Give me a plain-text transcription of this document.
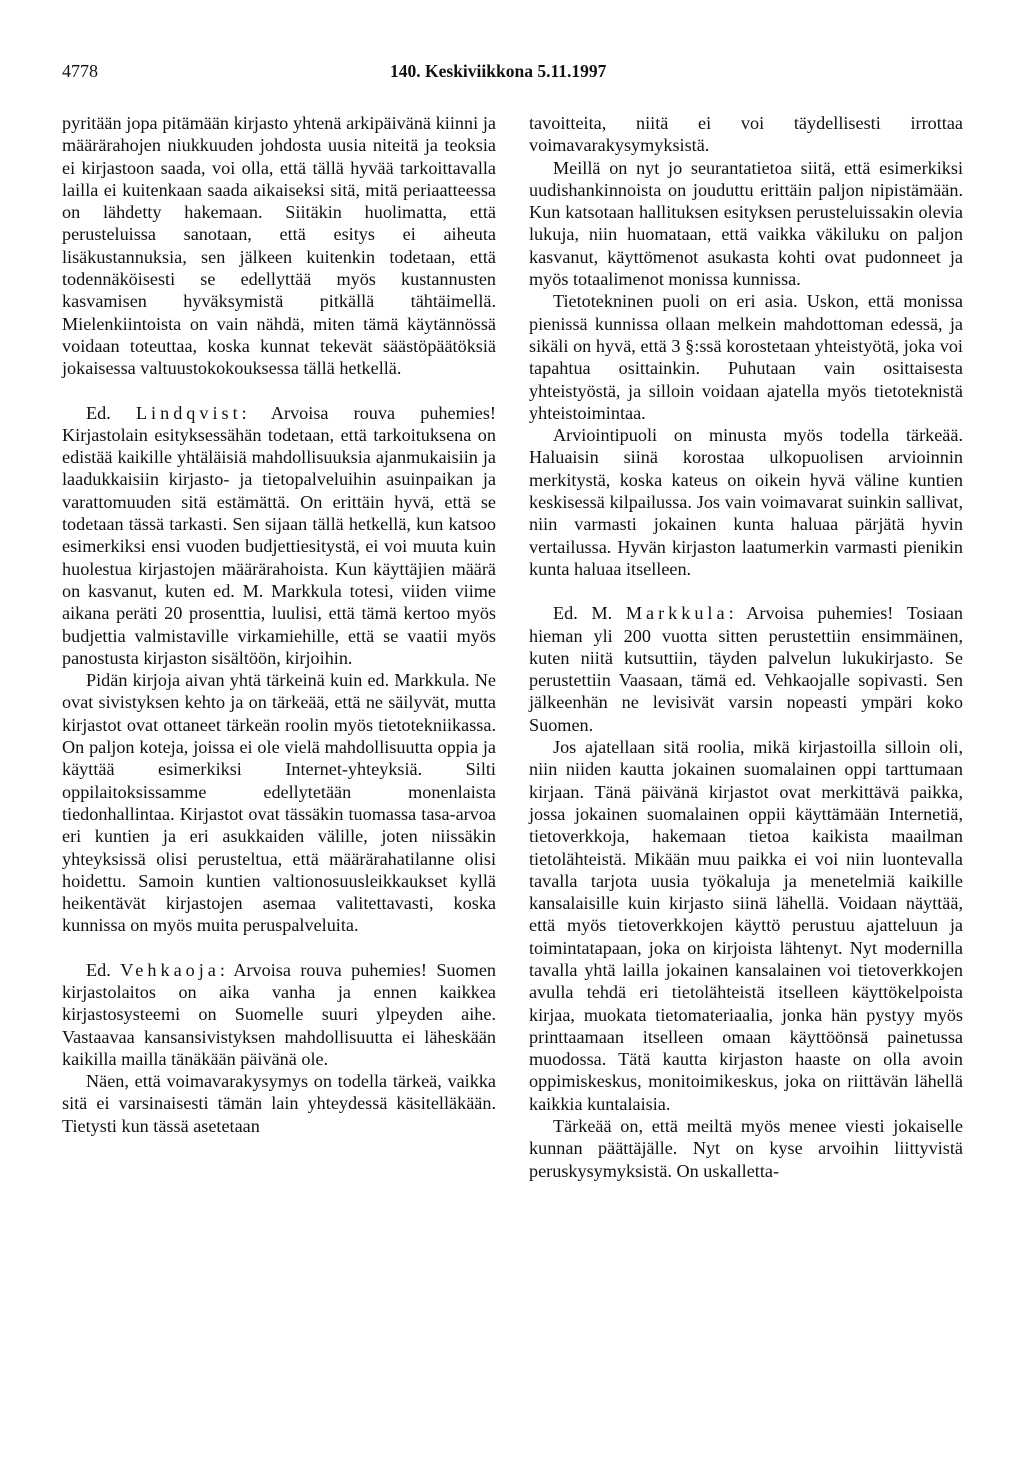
4778	140. Keskiviikkona 5.11.1997

pyritään jopa pitämään kirjasto yhtenä arkipäivänä kiinni ja määrärahojen niukkuuden johdosta uusia niteitä ja teoksia ei kirjastoon saada, voi olla, että tällä hyvää tarkoittavalla lailla ei kuitenkaan saada aikaiseksi sitä, mitä periaatteessa on lähdetty hakemaan. Siitäkin huolimatta, että perusteluissa sanotaan, että esitys ei aiheuta lisäkustannuksia, sen jälkeen kuitenkin todetaan, että todennäköisesti se edellyttää myös kustannusten kasvamisen hyväksymistä pitkällä tähtäimellä. Mielenkiintoista on vain nähdä, miten tämä käytännössä voidaan toteuttaa, koska kunnat tekevät säästöpäätöksiä jokaisessa valtuustokokouksessa tällä hetkellä.

Ed. Lindqvist: Arvoisa rouva puhemies! Kirjastolain esityksessähän todetaan, että tarkoituksena on edistää kaikille yhtäläisiä mahdollisuuksia ajanmukaisiin ja laadukkaisiin kirjasto- ja tietopalveluihin asuinpaikan ja varattomuuden sitä estämättä. On erittäin hyvä, että se todetaan tässä tarkasti. Sen sijaan tällä hetkellä, kun katsoo esimerkiksi ensi vuoden budjettiesitystä, ei voi muuta kuin huolestua kirjastojen määrärahoista. Kun käyttäjien määrä on kasvanut, kuten ed. M. Markkula totesi, viiden viime aikana peräti 20 prosenttia, luulisi, että tämä kertoo myös budjettia valmistaville virkamiehille, että se vaatii myös panostusta kirjaston sisältöön, kirjoihin.

Pidän kirjoja aivan yhtä tärkeinä kuin ed. Markkula. Ne ovat sivistyksen kehto ja on tärkeää, että ne säilyvät, mutta kirjastot ovat ottaneet tärkeän roolin myös tietotekniikassa. On paljon koteja, joissa ei ole vielä mahdollisuutta oppia ja käyttää esimerkiksi Internet-yhteyksiä. Silti oppilaitoksissamme edellytetään monenlaista tiedonhallintaa. Kirjastot ovat tässäkin tuomassa tasa-arvoa eri kuntien ja eri asukkaiden välille, joten niissäkin yhteyksissä olisi perusteltua, että määrärahatilanne olisi hoidettu. Samoin kuntien valtionosuusleikkaukset kyllä heikentävät kirjastojen asemaa valitettavasti, koska kunnissa on myös muita peruspalveluita.

Ed. Vehkaoja: Arvoisa rouva puhemies! Suomen kirjastolaitos on aika vanha ja ennen kaikkea kirjastosysteemi on Suomelle suuri ylpeyden aihe. Vastaavaa kansansivistyksen mahdollisuutta ei läheskään kaikilla mailla tänäkään päivänä ole.

Näen, että voimavarakysymys on todella tärkeä, vaikka sitä ei varsinaisesti tämän lain yhteydessä käsitelläkään. Tietysti kun tässä asetetaan

tavoitteita, niitä ei voi täydellisesti irrottaa voimavarakysymyksistä.

Meillä on nyt jo seurantatietoa siitä, että esimerkiksi uudishankinnoista on jouduttu erittäin paljon nipistämään. Kun katsotaan hallituksen esityksen perusteluissakin olevia lukuja, niin huomataan, että vaikka väkiluku on paljon kasvanut, käyttömenot asukasta kohti ovat pudonneet ja myös totaalimenot monissa kunnissa.

Tietotekninen puoli on eri asia. Uskon, että monissa pienissä kunnissa ollaan melkein mahdottoman edessä, ja sikäli on hyvä, että 3 §:ssä korostetaan yhteistyötä, joka voi tapahtua osittainkin. Puhutaan vain osittaisesta yhteistyöstä, ja silloin voidaan ajatella myös tietoteknistä yhteistoimintaa.

Arviointipuoli on minusta myös todella tärkeää. Haluaisin siinä korostaa ulkopuolisen arvioinnin merkitystä, koska kateus on oikein hyvä väline kuntien keskisessä kilpailussa. Jos vain voimavarat suinkin sallivat, niin varmasti jokainen kunta haluaa pärjätä hyvin vertailussa. Hyvän kirjaston laatumerkin varmasti pienikin kunta haluaa itselleen.

Ed. M. Markkula: Arvoisa puhemies! Tosiaan hieman yli 200 vuotta sitten perustettiin ensimmäinen, kuten niitä kutsuttiin, täyden palvelun lukukirjasto. Se perustettiin Vaasaan, tämä ed. Vehkaojalle sopivasti. Sen jälkeenhän ne levisivät varsin nopeasti ympäri koko Suomen.

Jos ajatellaan sitä roolia, mikä kirjastoilla silloin oli, niin niiden kautta jokainen suomalainen oppi tarttumaan kirjaan. Tänä päivänä kirjastot ovat merkittävä paikka, jossa jokainen suomalainen oppii käyttämään Internetiä, tietoverkkoja, hakemaan tietoa kaikista maailman tietolähteistä. Mikään muu paikka ei voi niin luontevalla tavalla tarjota uusia työkaluja ja menetelmiä kaikille kansalaisille kuin kirjasto siinä lähellä. Voidaan näyttää, että myös tietoverkkojen käyttö perustuu ajatteluun ja toimintatapaan, joka on kirjoista lähtenyt. Nyt modernilla tavalla yhtä lailla jokainen kansalainen voi tietoverkkojen avulla tehdä eri tietolähteistä itselleen käyttökelpoista kirjaa, muokata tietomateriaalia, jonka hän pystyy myös printtaamaan itselleen omaan käyttöönsä painetussa muodossa. Tätä kautta kirjaston haaste on olla avoin oppimiskeskus, monitoimikeskus, joka on riittävän lähellä kaikkia kuntalaisia.

Tärkeää on, että meiltä myös menee viesti jokaiselle kunnan päättäjälle. Nyt on kyse arvoihin liittyvistä peruskysymyksistä. On uskalletta-
